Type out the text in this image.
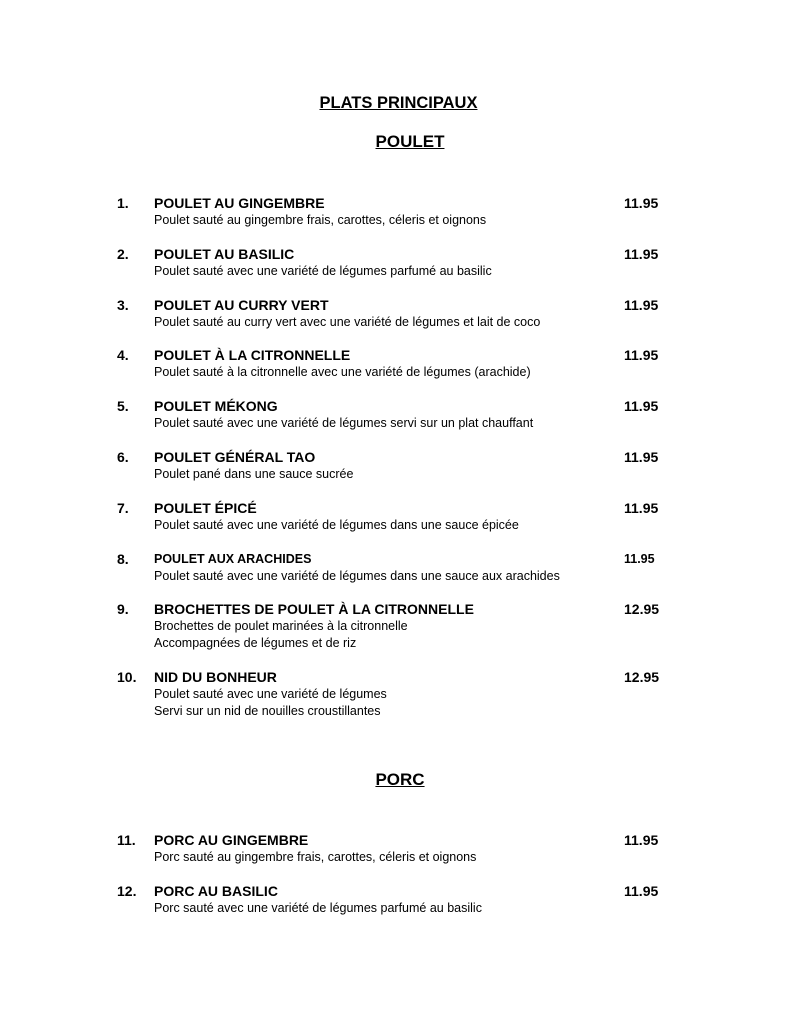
PLATS PRINCIPAUX
POULET
1. POULET AU GINGEMBRE	11.95
Poulet sauté au gingembre frais, carottes, céleris et oignons
2. POULET AU BASILIC	11.95
Poulet sauté avec une variété de légumes parfumé au basilic
3. POULET AU CURRY VERT	11.95
Poulet sauté au curry vert avec une variété de légumes et lait de coco
4. POULET À LA CITRONNELLE	11.95
Poulet sauté à la citronnelle avec une variété de légumes (arachide)
5. POULET MÉKONG	11.95
Poulet sauté avec une variété de légumes servi sur un plat chauffant
6. POULET GÉNÉRAL TAO	11.95
Poulet pané dans une sauce sucrée
7. POULET ÉPICÉ	11.95
Poulet sauté avec une variété de légumes dans une sauce épicée
8. POULET AUX ARACHIDES	11.95
Poulet sauté avec une variété de légumes dans une sauce aux arachides
9. BROCHETTES DE POULET À LA CITRONNELLE	12.95
Brochettes de poulet marinées à la citronnelle
Accompagnées de légumes et de riz
10. NID DU BONHEUR	12.95
Poulet sauté avec une variété de légumes
Servi sur un nid de nouilles croustillantes
PORC
11. PORC AU GINGEMBRE	11.95
Porc sauté au gingembre frais, carottes, céleris et oignons
12. PORC AU BASILIC	11.95
Porc sauté avec une variété de légumes parfumé au basilic
